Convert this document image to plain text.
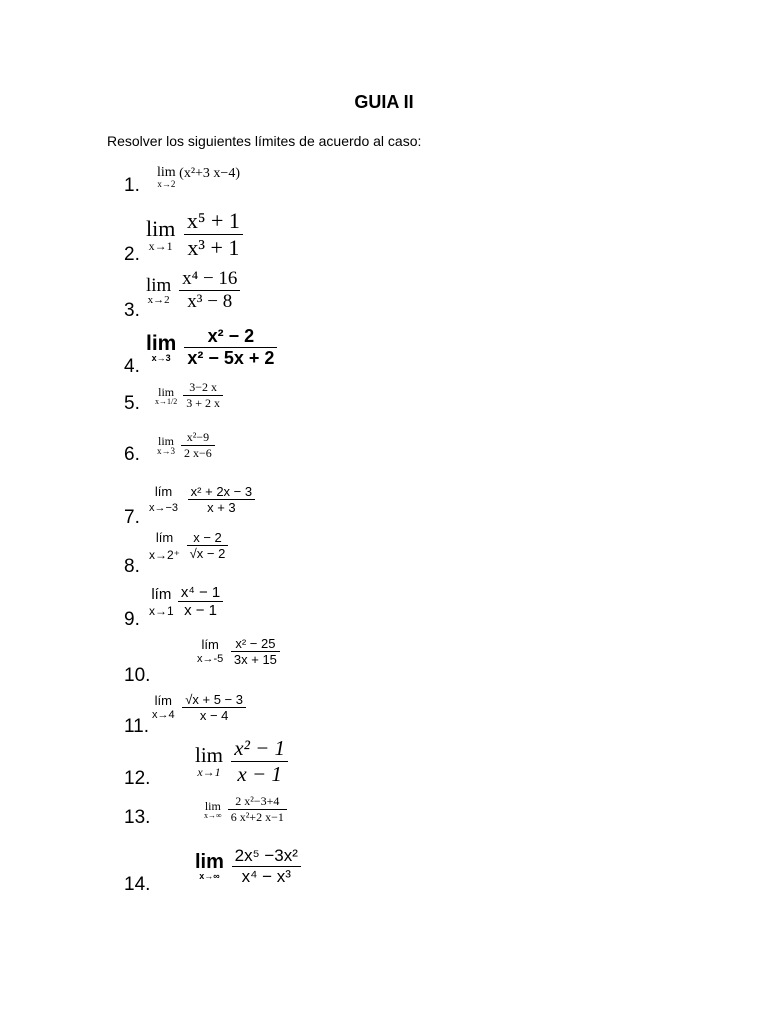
GUIA II
Resolver los siguientes límites de acuerdo al caso:
1.
lim
x→2
(x²+3 x−4)
2.
lim
x→1
$\frac{\text{x⁵ + 1}}{\text{x³ + 1}}$
3.
lim
x→2
$\frac{\text{x⁴ − 16}}{\text{x³ − 8}}$
4.
lim
x→3
$\frac{\text{x² − 2}}{\text{x² − 5x + 2}}$
5.
lim
x→1/2
$\frac{3-2 x}{3 + 2 x}$
6.
lim
x→3
$\frac{\text{x²−9}}{2 x-6}$
7.
lím
x→−3
$\frac{\text{x² + 2x − 3}}{x + 3}$
8.
lím
x→2⁺
$\frac{x - 2}{√x - 2}$
9.
lím
x→1
$\frac{\text{x⁴ − 1}}{x - 1}$
10.
lím
x→-5
$\frac{\text{x² − 25}}{3x + 15}$
11.
lím
x→4
$\frac{√x + 5 - 3}{x - 4}$
12.
lim
x→1
$\frac{\text{x² − 1}}{x - 1}$
13.
lim
x→∞
$\frac{\text{2 x²−3+4}}{\text{6 x²+2 x−1}}$
14.
lim
x→∞
$\frac{\text{2x⁵ −3x²}}{\text{x⁴ − x³}}$
